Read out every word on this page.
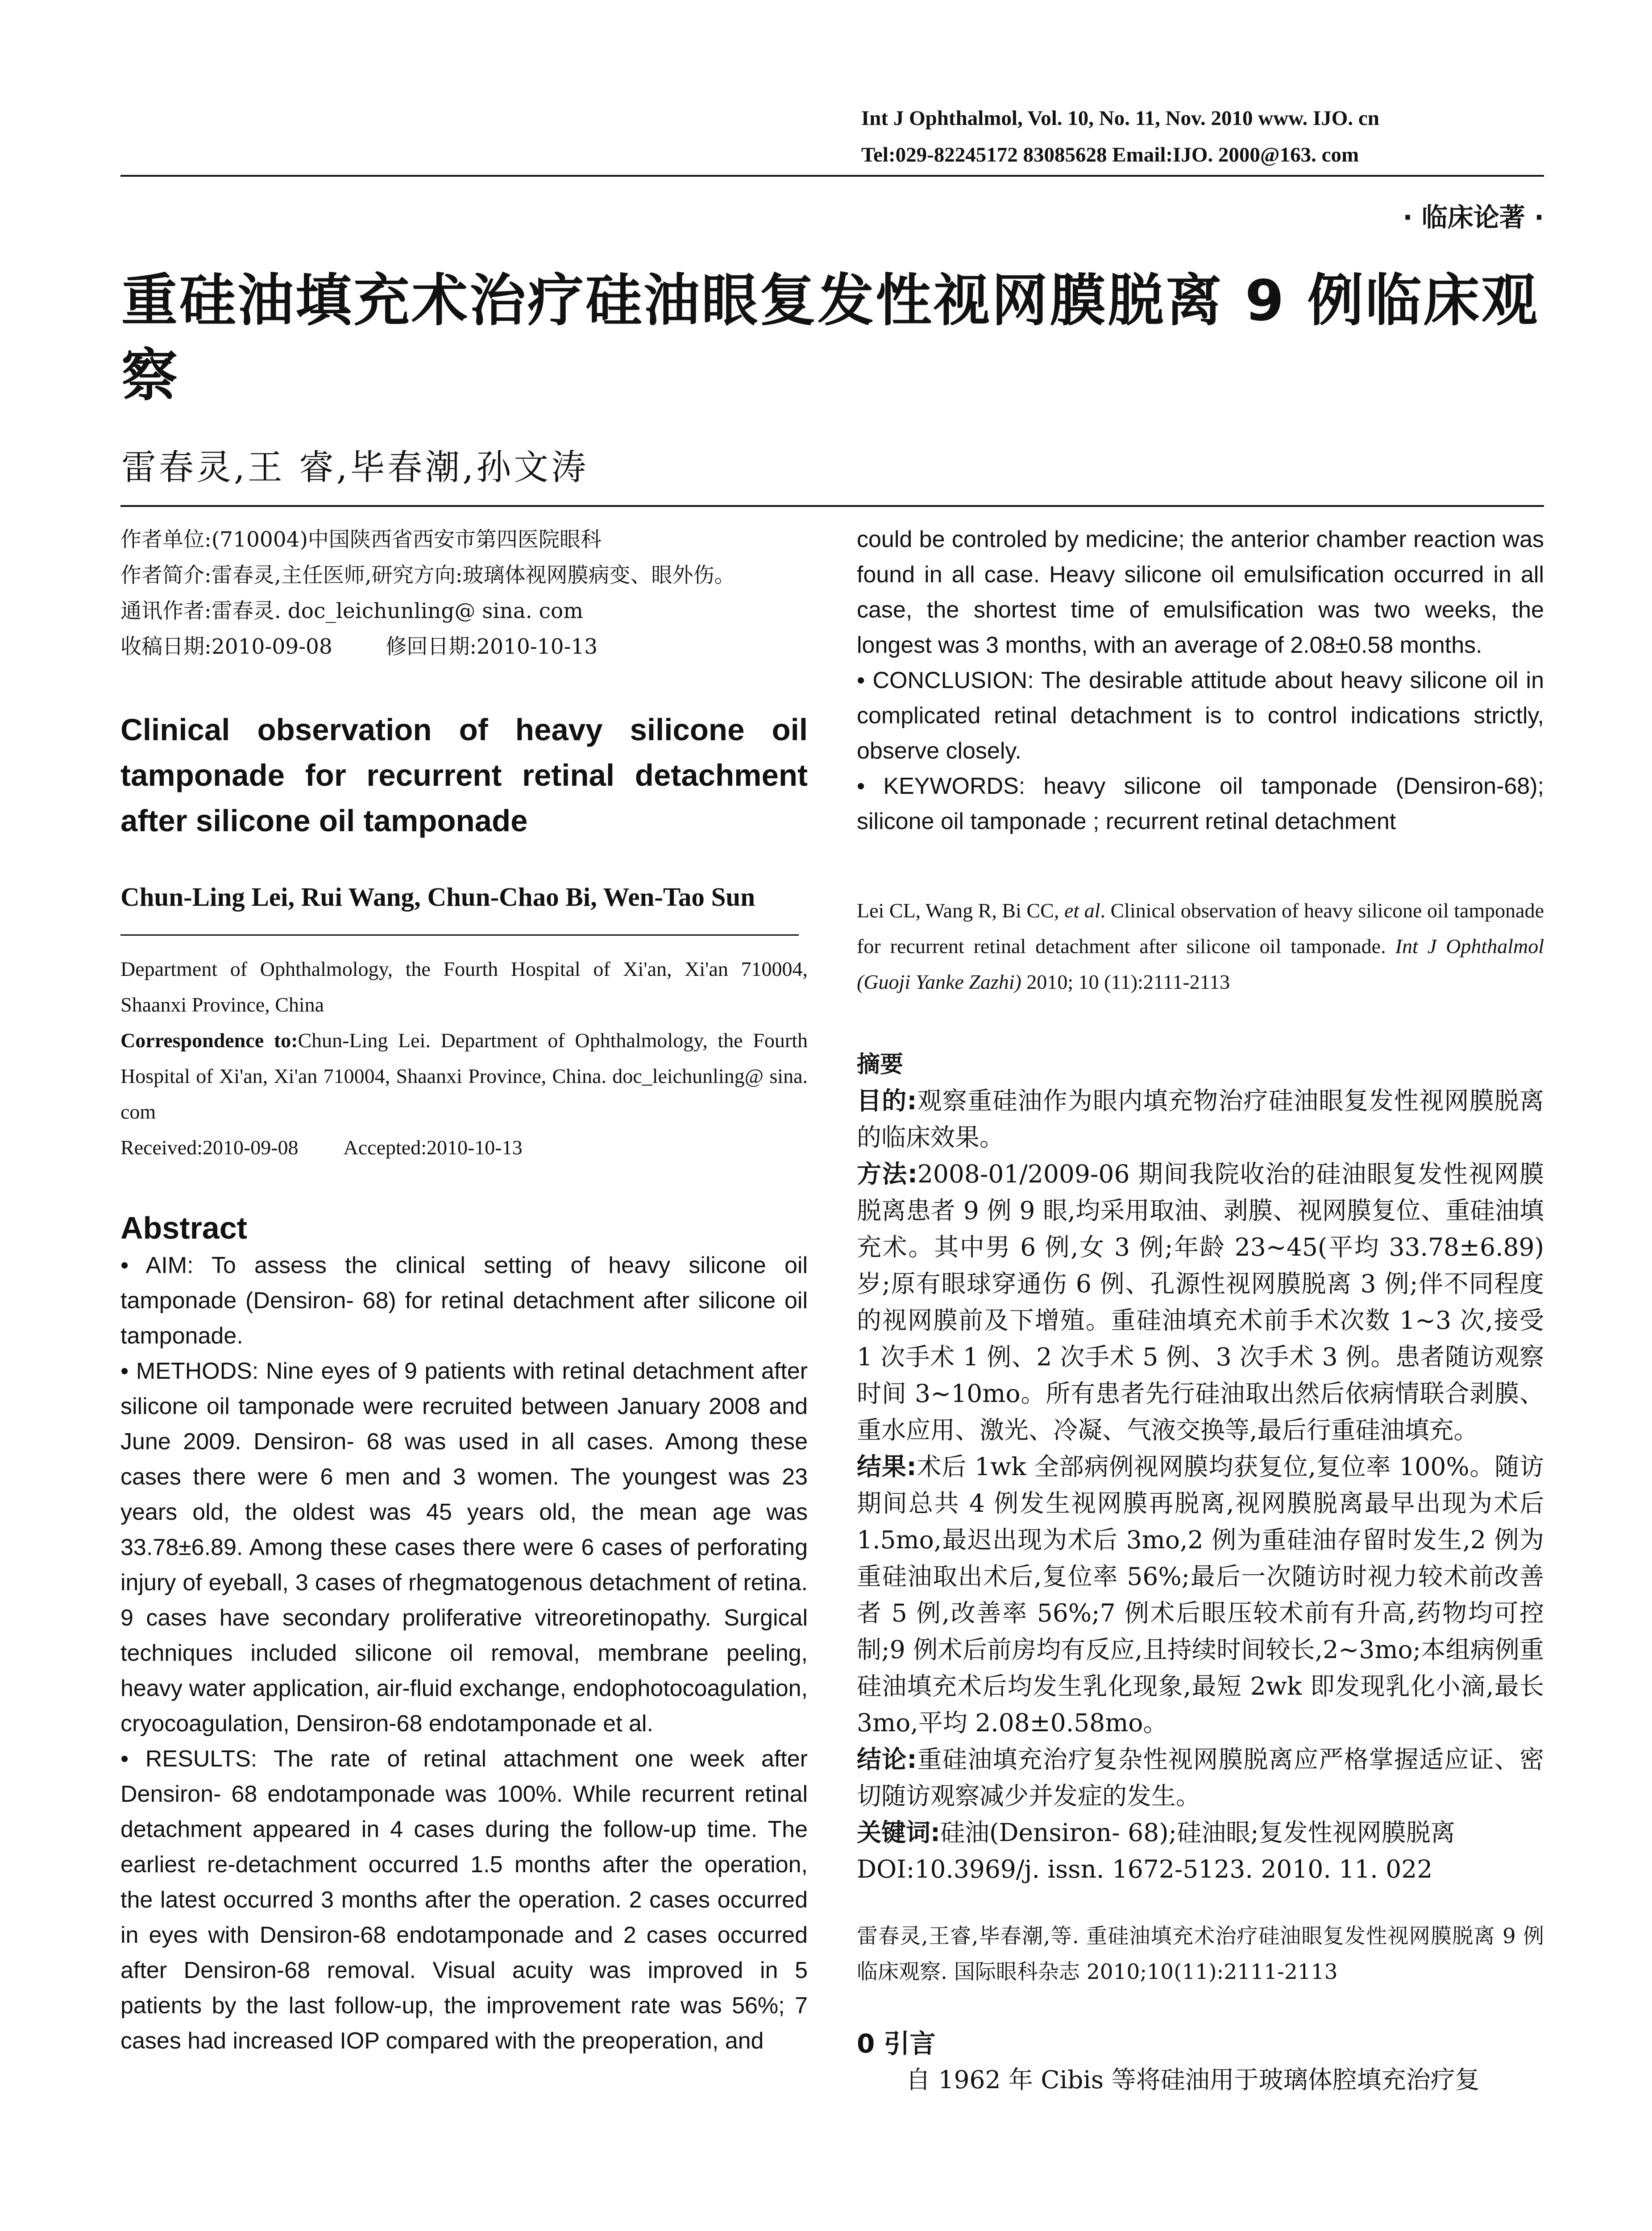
Int J Ophthalmol, Vol. 10, No. 11, Nov. 2010 www. IJO. cn
Tel:029-82245172 83085628 Email:IJO. 2000@163. com
· 临床论著 ·
重硅油填充术治疗硅油眼复发性视网膜脱离 9 例临床观察
雷春灵,王 睿,毕春潮,孙文涛

作者单位:(710004)中国陕西省西安市第四医院眼科

作者简介:雷春灵,主任医师,研究方向:玻璃体视网膜病变、眼外伤。

通讯作者:雷春灵. doc_leichunling@ sina. com

收稿日期:2010-09-08        修回日期:2010-10-13

Clinical observation of heavy silicone oil tamponade for recurrent retinal detachment after silicone oil tamponade
Chun-Ling Lei, Rui Wang, Chun-Chao Bi, Wen-Tao Sun

Department of Ophthalmology, the Fourth Hospital of Xi'an, Xi'an 710004, Shaanxi Province, China

Correspondence to:Chun-Ling Lei. Department of Ophthalmology, the Fourth Hospital of Xi'an, Xi'an 710004, Shaanxi Province, China. doc_leichunling@ sina. com

Received:2010-09-08         Accepted:2010-10-13

Abstract

• AIM: To assess the clinical setting of heavy silicone oil tamponade (Densiron- 68) for retinal detachment after silicone oil tamponade.

• METHODS: Nine eyes of 9 patients with retinal detachment after silicone oil tamponade were recruited between January 2008 and June 2009. Densiron- 68 was used in all cases. Among these cases there were 6 men and 3 women. The youngest was 23 years old, the oldest was 45 years old, the mean age was 33.78±6.89. Among these cases there were 6 cases of perforating injury of eyeball, 3 cases of rhegmatogenous detachment of retina. 9 cases have secondary proliferative vitreoretinopathy. Surgical techniques included silicone oil removal, membrane peeling, heavy water application, air-fluid exchange, endophotocoagulation, cryocoagulation, Densiron-68 endotamponade et al.

• RESULTS: The rate of retinal attachment one week after Densiron- 68 endotamponade was 100%. While recurrent retinal detachment appeared in 4 cases during the follow-up time. The earliest re-detachment occurred 1.5 months after the operation, the latest occurred 3 months after the operation. 2 cases occurred in eyes with Densiron-68 endotamponade and 2 cases occurred after Densiron-68 removal. Visual acuity was improved in 5 patients by the last follow-up, the improvement rate was 56%; 7 cases had increased IOP compared with the preoperation, and

could be controled by medicine; the anterior chamber reaction was found in all case. Heavy silicone oil emulsification occurred in all case, the shortest time of emulsification was two weeks, the longest was 3 months, with an average of 2.08±0.58 months.

• CONCLUSION: The desirable attitude about heavy silicone oil in complicated retinal detachment is to control indications strictly, observe closely.

• KEYWORDS: heavy silicone oil tamponade (Densiron-68); silicone oil tamponade ; recurrent retinal detachment

Lei CL, Wang R, Bi CC, et al. Clinical observation of heavy silicone oil tamponade for recurrent retinal detachment after silicone oil tamponade. Int J Ophthalmol (Guoji Yanke Zazhi) 2010; 10 (11):2111-2113
摘要

目的:观察重硅油作为眼内填充物治疗硅油眼复发性视网膜脱离的临床效果。

方法:2008-01/2009-06 期间我院收治的硅油眼复发性视网膜脱离患者 9 例 9 眼,均采用取油、剥膜、视网膜复位、重硅油填充术。其中男 6 例,女 3 例;年龄 23~45(平均 33.78±6.89)岁;原有眼球穿通伤 6 例、孔源性视网膜脱离 3 例;伴不同程度的视网膜前及下增殖。重硅油填充术前手术次数 1~3 次,接受 1 次手术 1 例、2 次手术 5 例、3 次手术 3 例。患者随访观察时间 3~10mo。所有患者先行硅油取出然后依病情联合剥膜、重水应用、激光、冷凝、气液交换等,最后行重硅油填充。

结果:术后 1wk 全部病例视网膜均获复位,复位率 100%。随访期间总共 4 例发生视网膜再脱离,视网膜脱离最早出现为术后 1.5mo,最迟出现为术后 3mo,2 例为重硅油存留时发生,2 例为重硅油取出术后,复位率 56%;最后一次随访时视力较术前改善者 5 例,改善率 56%;7 例术后眼压较术前有升高,药物均可控制;9 例术后前房均有反应,且持续时间较长,2~3mo;本组病例重硅油填充术后均发生乳化现象,最短 2wk 即发现乳化小滴,最长 3mo,平均 2.08±0.58mo。

结论:重硅油填充治疗复杂性视网膜脱离应严格掌握适应证、密切随访观察减少并发症的发生。

关键词:硅油(Densiron- 68);硅油眼;复发性视网膜脱离

DOI:10.3969/j. issn. 1672-5123. 2010. 11. 022

雷春灵,王睿,毕春潮,等. 重硅油填充术治疗硅油眼复发性视网膜脱离 9 例临床观察. 国际眼科杂志 2010;10(11):2111-2113
0 引言
自 1962 年 Cibis 等将硅油用于玻璃体腔填充治疗复
